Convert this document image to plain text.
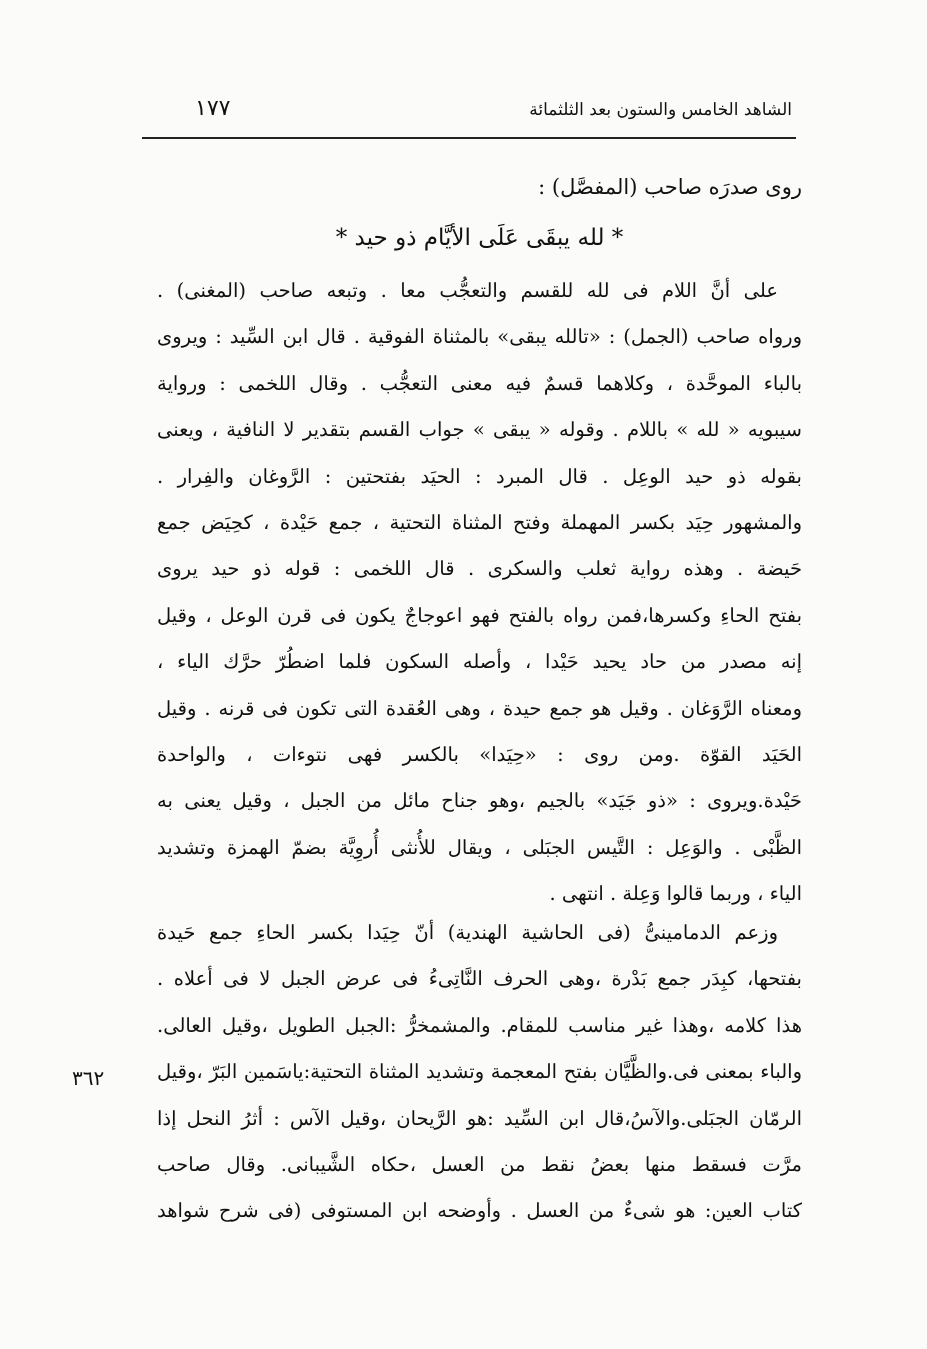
الشاهد الخامس والستون بعد الثلثمائة
١٧٧
٣٦٢
روى صدرَه صاحب (المفصَّل) :
* لله يبقَى عَلَى الأيَّام ذو حيد *
على أنَّ اللام فى لله للقسم والتعجُّب معا . وتبعه صاحب (المغنى) .
ورواه صاحب (الجمل) : «تالله يبقى» بالمثناة الفوقية . قال ابن السِّيد : ويروى
بالباء الموحَّدة ، وكلاهما قسمٌ فيه معنى التعجُّب . وقال اللخمى : ورواية
سيبويه « لله » باللام . وقوله « يبقى » جواب القسم بتقدير لا النافية ، ويعنى
بقوله ذو حيد الوعِل . قال المبرد : الحيَد بفتحتين : الرَّوغان والفِرار .
والمشهور حِيَد بكسر المهملة وفتح المثناة التحتية ، جمع حَيْدة ، كحِيَض جمع
حَيضة . وهذه رواية ثعلب والسكرى . قال اللخمى : قوله ذو حيد يروى
بفتح الحاءِ وكسرها،فمن رواه بالفتح فهو اعوجاجٌ يكون فى قرن الوعل ، وقيل
إنه مصدر من حاد يحيد حَيْدا ، وأصله السكون فلما اضطُرّ حرَّك الياء ،
ومعناه الرَّوَغان . وقيل هو جمع حيدة ، وهى العُقدة التى تكون فى قرنه . وقيل
الحَيَد القوّة .ومن روى : «حِيَدا» بالكسر فهى نتوءات ، والواحدة
حَيْدة.ويروى : «ذو جَيَد» بالجيم ،وهو جناح مائل من الجبل ، وقيل يعنى به
الظَّبْى . والوَعِل : التَّيس الجبَلى ، ويقال للأُنثى أُروِيَّة بضمّ الهمزة وتشديد
الياء ، وربما قالوا وَعِلة . انتهى .
وزعم الدمامينىُّ (فى الحاشية الهندية) أنّ حِيَدا بكسر الحاءِ جمع حَيدة
بفتحها، كبِدَر جمع بَدْرة ،وهى الحرف النَّاتِىءُ فى عرض الجبل لا فى أعلاه .
هذا كلامه ،وهذا غير مناسب للمقام. والمشمخرُّ :الجبل الطويل ،وقيل العالى.
والباء بمعنى فى.والظَّيَّان بفتح المعجمة وتشديد المثناة التحتية:ياسَمين البَرّ ،وقيل
الرمّان الجبَلى.والآسُ،قال ابن السِّيد :هو الرَّيحان ،وقيل الآس : أثرُ النحل إذا
مرَّت فسقط منها بعضُ نقط من العسل ،حكاه الشَّيبانى. وقال صاحب
كتاب العين: هو شىءٌ من العسل . وأوضحه ابن المستوفى (فى شرح شواهد
